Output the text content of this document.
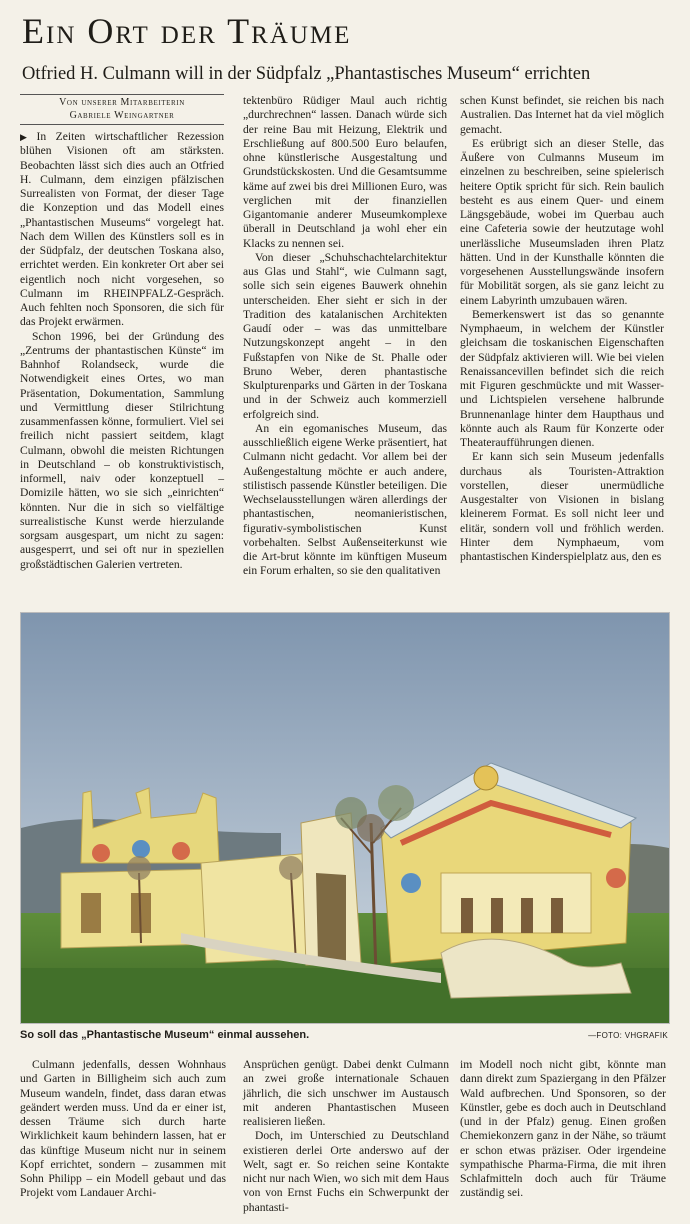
Ein Ort der Träume
Otfried H. Culmann will in der Südpfalz „Phantastisches Museum“ errichten
Von unserer Mitarbeiterin
Gabriele Weingartner

▶ In Zeiten wirtschaftlicher Rezession blühen Visionen oft am stärksten. Beobachten lässt sich dies auch an Otfried H. Culmann, dem einzigen pfälzischen Surrealisten von Format, der dieser Tage die Konzeption und das Modell eines „Phantastischen Museums“ vorgelegt hat. Nach dem Willen des Künstlers soll es in der Südpfalz, der deutschen Toskana also, errichtet werden. Ein konkreter Ort aber sei eigentlich noch nicht vorgesehen, so Culmann im RHEINPFALZ-Gespräch. Auch fehlten noch Sponsoren, die sich für das Projekt erwärmen.

Schon 1996, bei der Gründung des „Zentrums der phantastischen Künste“ im Bahnhof Rolandseck, wurde die Notwendigkeit eines Ortes, wo man Präsentation, Dokumentation, Sammlung und Vermittlung dieser Stilrichtung zusammenfassen könne, formuliert. Viel sei freilich nicht passiert seitdem, klagt Culmann, obwohl die meisten Richtungen in Deutschland – ob konstruktivistisch, informell, naiv oder konzeptuell – Domizile hätten, wo sie sich „einrichten“ könnten. Nur die in sich so vielfältige surrealistische Kunst werde hierzulande sorgsam ausgespart, um nicht zu sagen: ausgesperrt, und sei oft nur in speziellen großstädtischen Galerien vertreten.

tektenbüro Rüdiger Maul auch richtig „durchrechnen“ lassen. Danach würde sich der reine Bau mit Heizung, Elektrik und Erschließung auf 800.500 Euro belaufen, ohne künstlerische Ausgestaltung und Grundstückskosten. Und die Gesamtsumme käme auf zwei bis drei Millionen Euro, was verglichen mit der finanziellen Gigantomanie anderer Museumkomplexe überall in Deutschland ja wohl eher ein Klacks zu nennen sei.

Von dieser „Schuhschachtelarchitektur aus Glas und Stahl“, wie Culmann sagt, solle sich sein eigenes Bauwerk ohnehin unterscheiden. Eher sieht er sich in der Tradition des katalanischen Architekten Gaudí oder – was das unmittelbare Nutzungskonzept angeht – in den Fußstapfen von Nike de St. Phalle oder Bruno Weber, deren phantastische Skulpturenparks und Gärten in der Toskana und in der Schweiz auch kommerziell erfolgreich sind.

An ein egomanisches Museum, das ausschließlich eigene Werke präsentiert, hat Culmann nicht gedacht. Vor allem bei der Außengestaltung möchte er auch andere, stilistisch passende Künstler beteiligen. Die Wechselausstellungen wären allerdings der phantastischen, neomanieristischen, figurativ-symbolistischen Kunst vorbehalten. Selbst Außenseiterkunst wie die Art-brut könnte im künftigen Museum ein Forum erhalten, so sie den qualitativen

schen Kunst befindet, sie reichen bis nach Australien. Das Internet hat da viel möglich gemacht.

Es erübrigt sich an dieser Stelle, das Äußere von Culmanns Museum im einzelnen zu beschreiben, seine spielerisch heitere Optik spricht für sich. Rein baulich besteht es aus einem Quer- und einem Längsgebäude, wobei im Querbau auch eine Cafeteria sowie der heutzutage wohl unerlässliche Museumsladen ihren Platz hätten. Und in der Kunsthalle könnten die vorgesehenen Ausstellungswände insofern für Mobilität sorgen, als sie ganz leicht zu einem Labyrinth umzubauen wären.

Bemerkenswert ist das so genannte Nymphaeum, in welchem der Künstler gleichsam die toskanischen Eigenschaften der Südpfalz aktivieren will. Wie bei vielen Renaissancevillen befindet sich die reich mit Figuren geschmückte und mit Wasser- und Lichtspielen versehene halbrunde Brunnenanlage hinter dem Haupthaus und könnte auch als Raum für Konzerte oder Theateraufführungen dienen.

Er kann sich sein Museum jedenfalls durchaus als Touristen-Attraktion vorstellen, dieser unermüdliche Ausgestalter von Visionen in bislang kleinerem Format. Es soll nicht leer und elitär, sondern voll und fröhlich werden. Hinter dem Nymphaeum, vom phantastischen Kinderspielplatz aus, den es

So soll das „Phantastische Museum“ einmal aussehen.	—FOTO: VHGRAFIK

Culmann jedenfalls, dessen Wohnhaus und Garten in Billigheim sich auch zum Museum wandeln, findet, dass daran etwas geändert werden muss. Und da er einer ist, dessen Träume sich durch harte Wirklichkeit kaum behindern lassen, hat er das künftige Museum nicht nur in seinem Kopf errichtet, sondern – zusammen mit Sohn Philipp – ein Modell gebaut und das Projekt vom Landauer Archi-

Ansprüchen genügt. Dabei denkt Culmann an zwei große internationale Schauen jährlich, die sich unschwer im Austausch mit anderen Phantastischen Museen realisieren ließen.

Doch, im Unterschied zu Deutschland existieren derlei Orte anderswo auf der Welt, sagt er. So reichen seine Kontakte nicht nur nach Wien, wo sich mit dem Haus von von Ernst Fuchs ein Schwerpunkt der phantasti-

im Modell noch nicht gibt, könnte man dann direkt zum Spaziergang in den Pfälzer Wald aufbrechen. Und Sponsoren, so der Künstler, gebe es doch auch in Deutschland (und in der Pfalz) genug. Einen großen Chemiekonzern ganz in der Nähe, so träumt er schon etwas präziser. Oder irgendeine sympathische Pharma-Firma, die mit ihren Schlafmitteln doch auch für Träume zuständig sei.
